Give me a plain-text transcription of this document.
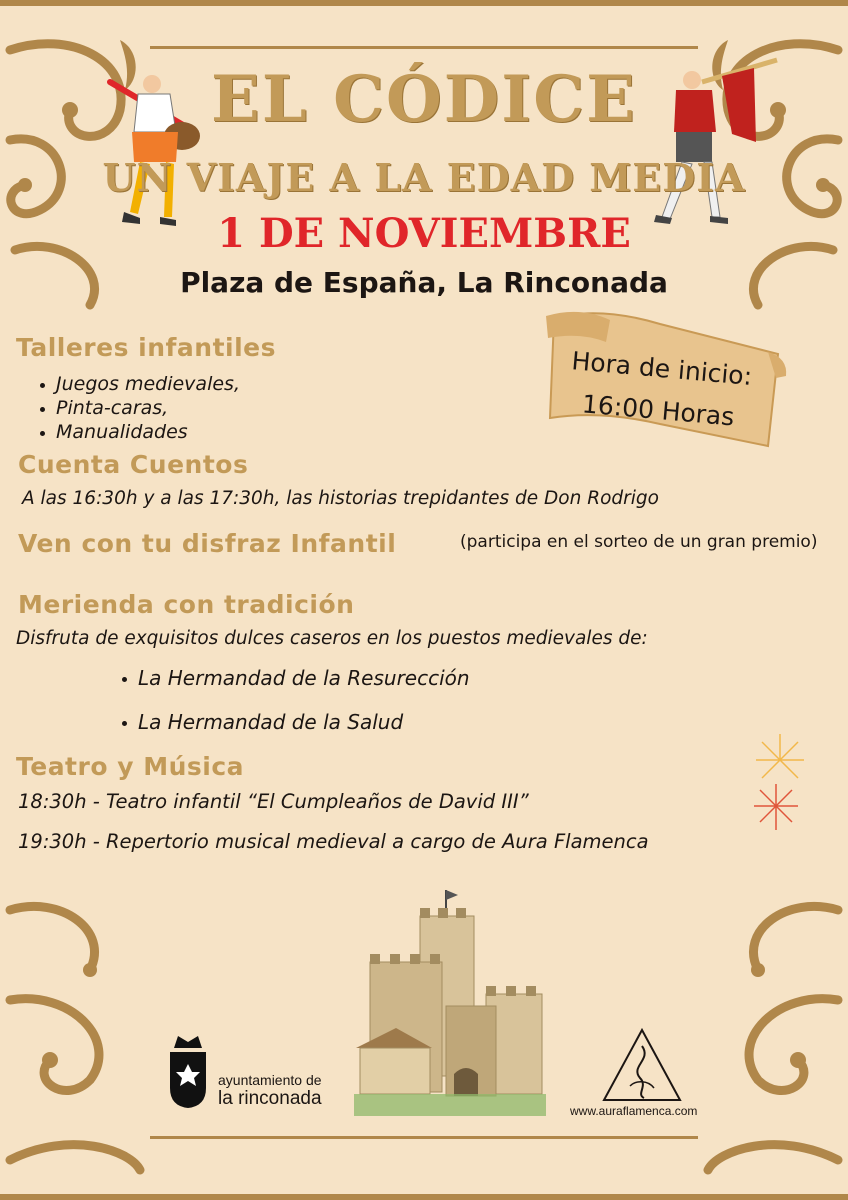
EL CÓDICE
UN VIAJE A LA EDAD MEDIA
1 DE NOVIEMBRE
Plaza de España, La Rinconada
Hora de inicio:
16:00 Horas
Talleres infantiles
Juegos medievales,
Pinta-caras,
Manualidades
Cuenta Cuentos
A las 16:30h y a las 17:30h, las historias trepidantes de Don Rodrigo
Ven con tu disfraz Infantil	(participa en el sorteo de un gran premio)
Merienda con tradición
Disfruta de exquisitos dulces caseros en los puestos medievales de:
La Hermandad de la Resurección
La Hermandad de la Salud
Teatro y Música
18:30h - Teatro infantil “El Cumpleaños de David III”
19:30h - Repertorio musical medieval a cargo de Aura Flamenca
ayuntamiento de
la rinconada
www.auraflamenca.com
